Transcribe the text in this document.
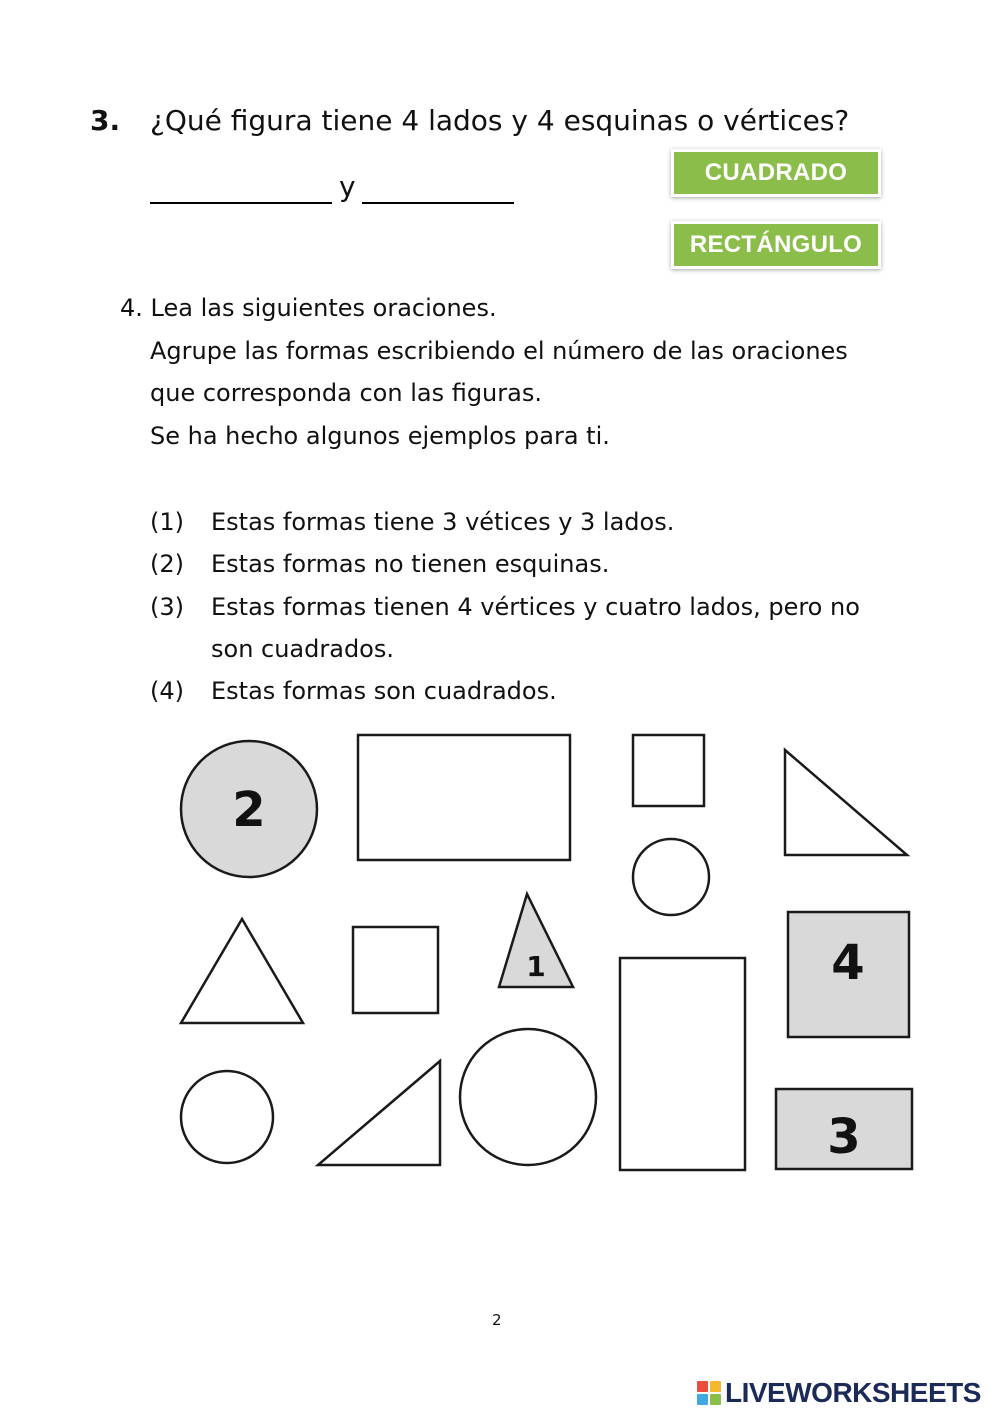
3. ¿Qué figura tiene 4 lados y 4 esquinas o vértices?
y	CUADRADO
RECTÁNGULO
4. Lea las siguientes oraciones.
Agrupe las formas escribiendo el número de las oraciones
que corresponda con las figuras.
Se ha hecho algunos ejemplos para ti.
(1) Estas formas tiene 3 vétices y 3 lados.
(2) Estas formas no tienen esquinas.
(3) Estas formas tienen 4 vértices y cuatro lados, pero no
son cuadrados.
(4) Estas formas son cuadrados.
2
1	4
3
2
LIVEWORKSHEETS
